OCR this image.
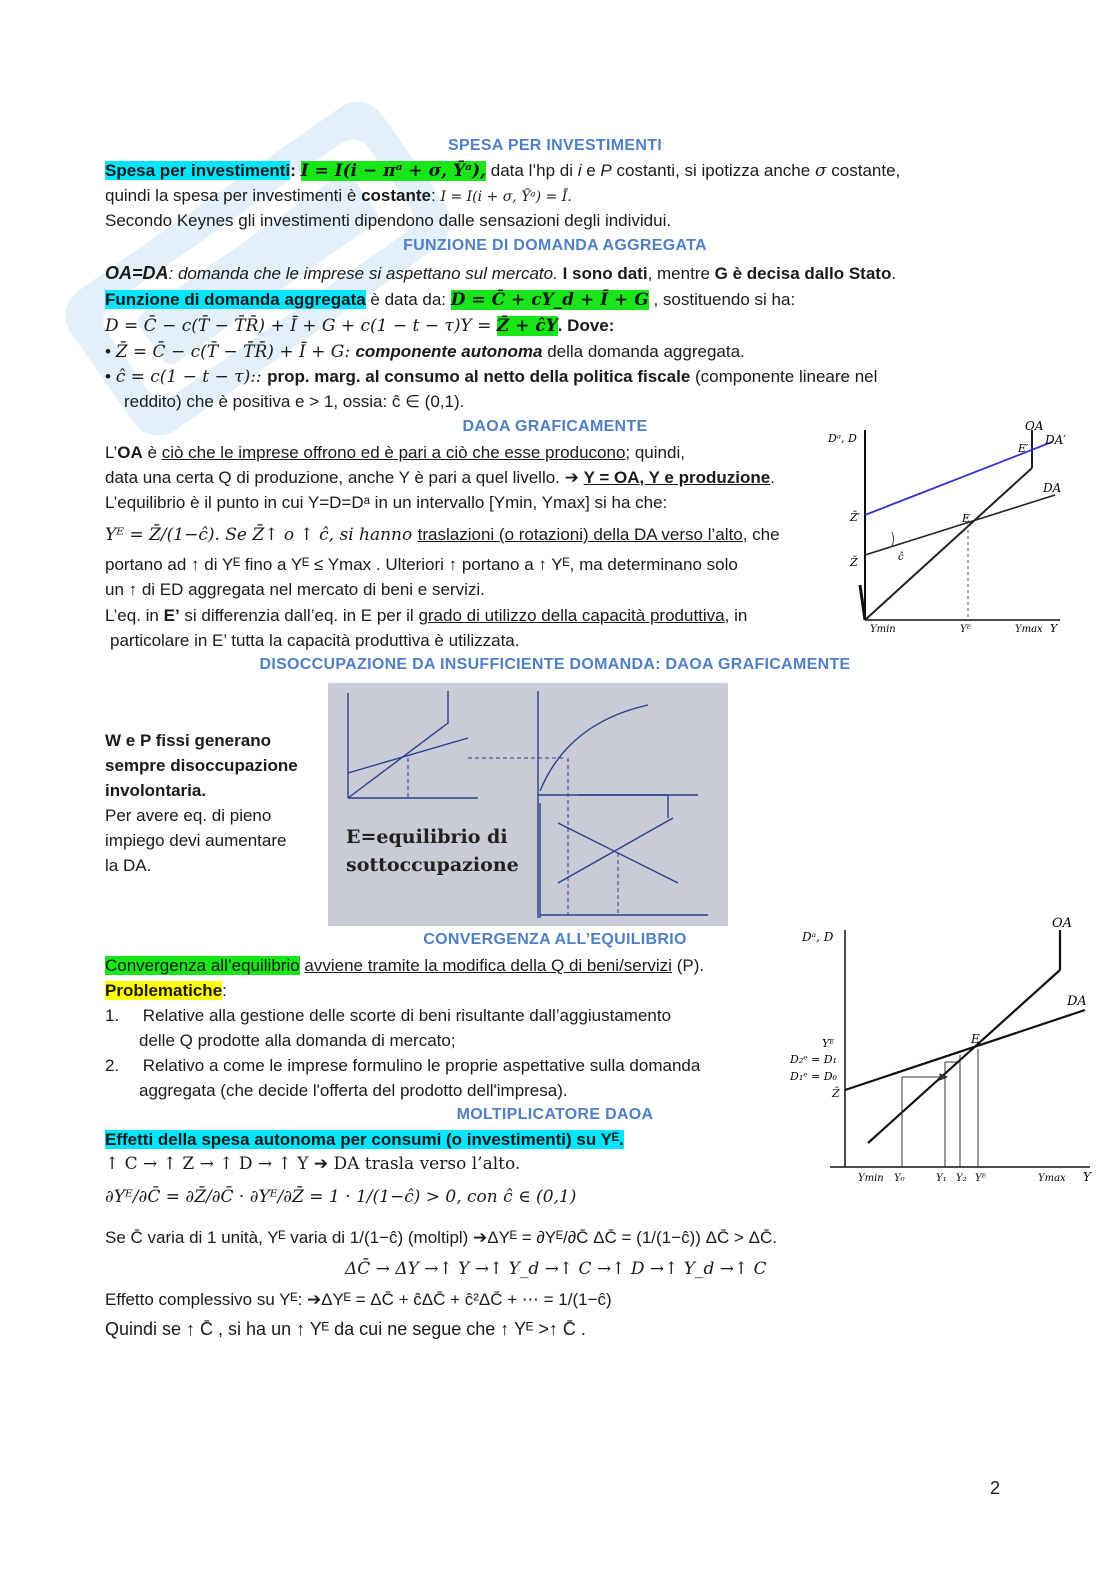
SPESA PER INVESTIMENTI
Spesa per investimenti: I = I(i − πᵃ + σ, Ȳᵃ), data l’hp di i e P costanti, si ipotizza anche σ costante,
quindi la spesa per investimenti è costante: I = I(i + σ, Ȳᵃ) = Ī.
Secondo Keynes gli investimenti dipendono dalle sensazioni degli individui.
FUNZIONE DI DOMANDA AGGREGATA
OA=DA: domanda che le imprese si aspettano sul mercato. I sono dati, mentre G è decisa dallo Stato.
Funzione di domanda aggregata è data da: D = C̄ + cY_d + Ī + G , sostituendo si ha:
D = C̄ − c(T̄ − T̄R̄) + Ī + G + c(1 − t − τ)Y = Z̄ + ĉY. Dove:
• Z̄ = C̄ − c(T̄ − T̄R̄) + Ī + G: componente autonoma della domanda aggregata.
• ĉ = c(1 − t − τ):: prop. marg. al consumo al netto della politica fiscale (componente lineare nel
reddito) che è positiva e > 1, ossia: ĉ ∈ (0,1).
DAOA GRAFICAMENTE
L’OA è ciò che le imprese offrono ed è pari a ciò che esse producono; quindi,
data una certa Q di produzione, anche Y è pari a quel livello. ➔ Y = OA, Y e produzione.
L’equilibrio è il punto in cui Y=D=Dᵃ in un intervallo [Ymin, Ymax] si ha che:
Yᴱ = Z̄/(1−ĉ). Se Z̄↑ o ↑ ĉ, si hanno traslazioni (o rotazioni) della DA verso l’alto, che
portano ad ↑ di Yᴱ fino a Yᴱ ≤ Ymax . Ulteriori ↑ portano a ↑ Yᴱ, ma determinano solo
un ↑ di ED aggregata nel mercato di beni e servizi.
L’eq. in E’ si differenzia dall’eq. in E per il grado di utilizzo della capacità produttiva, in
particolare in E’ tutta la capacità produttiva è utilizzata.
Dᵃ, D
OA
DA′
DA
E′
E
Z̄′
Z̄	ĉ
Ymin	Yᴱ	Ymax Y
DISOCCUPAZIONE DA INSUFFICIENTE DOMANDA: DAOA GRAFICAMENTE
W e P fissi generano
sempre disoccupazione
involontaria.
Per avere eq. di pieno
impiego devi aumentare
la DA.
E=equilibrio di
sottoccupazione
CONVERGENZA ALL’EQUILIBRIO
Convergenza all’equilibrio avviene tramite la modifica della Q di beni/servizi (P).
Problematiche:
1.     Relative alla gestione delle scorte di beni risultante dall’aggiustamento
delle Q prodotte alla domanda di mercato;
2.     Relativo a come le imprese formulino le proprie aspettative sulla domanda
aggregata (che decide l'offerta del prodotto dell'impresa).
Dᵃ, D
OA
DA
E
Yᴱ
D₂ᵉ = D₁
D₁ᵉ = D₀
Z̄
Ymin Y₀	Y₁ Y₂ Yᴱ	Ymax Y
MOLTIPLICATORE DAOA
Effetti della spesa autonoma per consumi (o investimenti) su Yᴱ.
↑ C → ↑ Z → ↑ D → ↑ Y ➔ DA trasla verso l’alto.
∂Yᴱ/∂C̄ = ∂Z̄/∂C̄ · ∂Yᴱ/∂Z̄ = 1 · 1/(1−ĉ) > 0, con ĉ ∈ (0,1)
Se C̄ varia di 1 unità, Yᴱ varia di 1/(1−ĉ) (moltipl) ➔ΔYᴱ = ∂Yᴱ/∂C̄ ΔC̄ = (1/(1−ĉ)) ΔC̄ > ΔC̄.
ΔC̄ → ΔY →↑ Y →↑ Y_d →↑ C →↑ D →↑ Y_d →↑ C
Effetto complessivo su Yᴱ: ➔ΔYᴱ = ΔC̄ + ĉΔC̄ + ĉ²ΔC̄ + ⋯ = 1/(1−ĉ)
Quindi se ↑ C̄ , si ha un ↑ Yᴱ da cui ne segue che ↑ Yᴱ >↑ C̄ .
2
